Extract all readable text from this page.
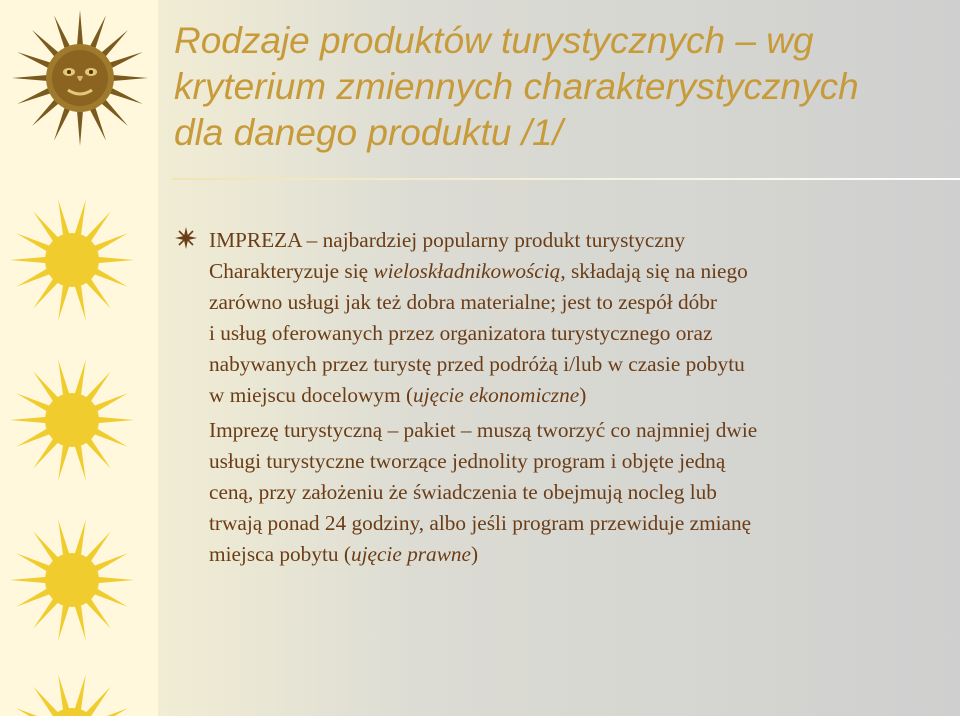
Rodzaje produktów turystycznych – wg
kryterium zmiennych charakterystycznych
dla danego produktu /1/

IMPREZA – najbardziej popularny produkt turystyczny
Charakteryzuje się wieloskładnikowością, składają się na niego
zarówno usługi jak też dobra materialne; jest to zespół dóbr
i usług oferowanych przez organizatora turystycznego oraz
nabywanych przez turystę przed podróżą i/lub w czasie pobytu
w miejscu docelowym (ujęcie ekonomiczne)

Imprezę turystyczną – pakiet – muszą tworzyć co najmniej dwie
usługi turystyczne tworzące jednolity program i objęte jedną
ceną, przy założeniu że świadczenia te obejmują nocleg lub
trwają ponad 24 godziny, albo jeśli program przewiduje zmianę
miejsca pobytu (ujęcie prawne)
